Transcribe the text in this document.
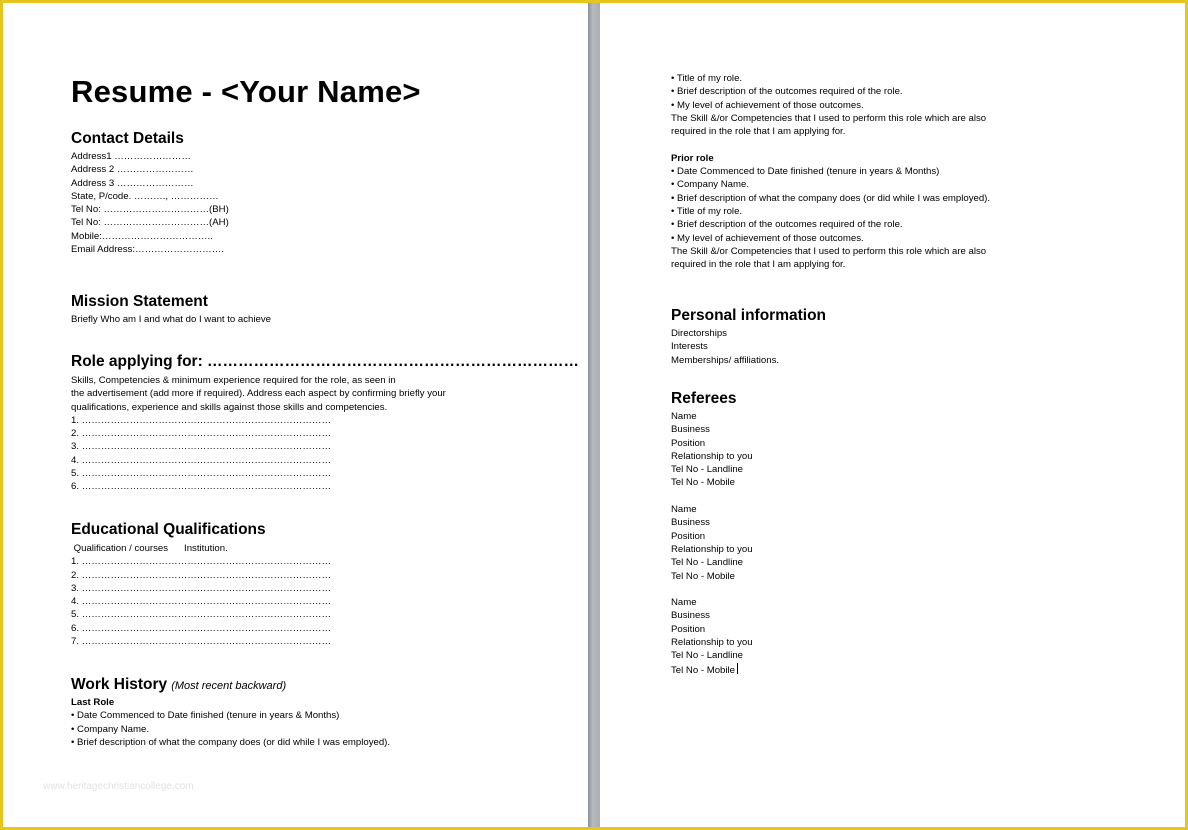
Resume - <Your Name>
Contact Details
Address1 ……………………
Address 2 ……………………
Address 3 ……………………
State, P/code. ………., ……………
Tel No: ……………………………(BH)
Tel No: ……………………………(AH)
Mobile:……………………………..
Email Address:……………………….
Mission Statement
Briefly Who am I and what do I want to achieve
Role applying for: ………………………………………………………………
Skills, Competencies & minimum experience required for the role, as seen in
the advertisement (add more if required). Address each aspect by confirming briefly your
qualifications, experience and skills against those skills and competencies.
1. ……………………………………………………………………
2. ……………………………………………………………………
3. ……………………………………………………………………
4. ……………………………………………………………………
5. ……………………………………………………………………
6. ……………………………………………………………………
Educational Qualifications
Qualification / courses      Institution.
1. ……………………………………………………………………
2. ……………………………………………………………………
3. ……………………………………………………………………
4. ……………………………………………………………………
5. ……………………………………………………………………
6. ……………………………………………………………………
7. ……………………………………………………………………
Work History (Most recent backward)
Last Role
• Date Commenced to Date finished (tenure in years & Months)
• Company Name.
• Brief description of what the company does (or did while I was employed).
www.heritagechristiancollege.com
• Title of my role.
• Brief description of the outcomes required of the role.
• My level of achievement of those outcomes.
The Skill &/or Competencies that I used to perform this role which are also
required in the role that I am applying for.
Prior role
• Date Commenced to Date finished (tenure in years & Months)
• Company Name.
• Brief description of what the company does (or did while I was employed).
• Title of my role.
• Brief description of the outcomes required of the role.
• My level of achievement of those outcomes.
The Skill &/or Competencies that I used to perform this role which are also
required in the role that I am applying for.
Personal information
Directorships
Interests
Memberships/ affiliations.
Referees
Name
Business
Position
Relationship to you
Tel No - Landline
Tel No - Mobile
Name
Business
Position
Relationship to you
Tel No - Landline
Tel No - Mobile
Name
Business
Position
Relationship to you
Tel No - Landline
Tel No - Mobile
